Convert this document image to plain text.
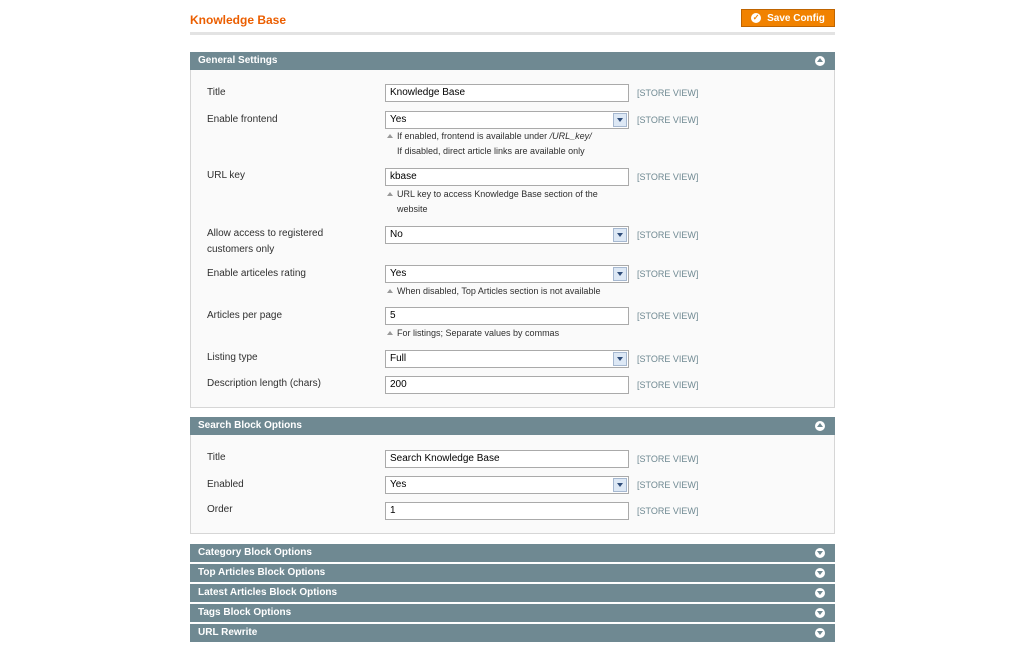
Knowledge Base	✓ Save Config
General Settings
Title	Knowledge Base	[STORE VIEW]
Enable frontend	Yes	[STORE VIEW]
If enabled, frontend is available under /URL_key/
If disabled, direct article links are available only
URL key	kbase	[STORE VIEW]
URL key to access Knowledge Base section of the
website
Allow access to registered
customers only
No	[STORE VIEW]
Enable articeles rating	Yes	[STORE VIEW]
When disabled, Top Articles section is not available
Articles per page	5	[STORE VIEW]
For listings; Separate values by commas
Listing type	Full	[STORE VIEW]
Description length (chars)	200	[STORE VIEW]
Search Block Options
Title	Search Knowledge Base	[STORE VIEW]
Enabled	Yes	[STORE VIEW]
Order	1	[STORE VIEW]
Category Block Options
Top Articles Block Options
Latest Articles Block Options
Tags Block Options
URL Rewrite
